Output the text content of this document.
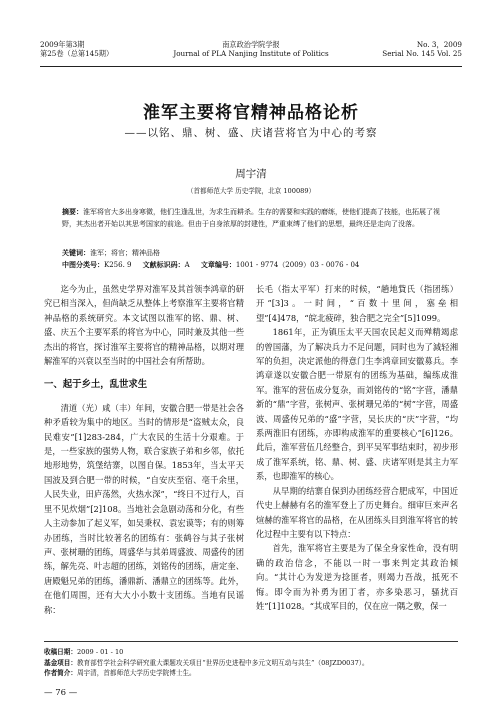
2009年第3期
第25卷（总第145期）
南京政治学院学报
Journal of PLA Nanjing Institute of Politics
No. 3，2009
Serial No. 145 Vol. 25
淮军主要将官精神品格论析
——以铭、鼎、树、盛、庆诸营将官为中心的考察
周宇清
（首都师范大学 历史学院，北京 100089）
摘要：淮军将官大多出身寒微，他们生逢乱世，为求生而耕杀。生存的需要和实践的磨练，使他们提高了技能，也拓展了视野，其杰出者开始以其思考国家的前途。但由于自身浓厚的封建性，严重束缚了他们的思想，最终还是走向了没落。
关键词：淮军；将官；精神品格
中图分类号：K256. 9 文献标识码：A 文章编号：1001 - 9774（2009）03 - 0076 - 04

迄今为止，虽然史学界对淮军及其首领李鸿章的研究已相当深入，但尚缺乏从整体上考察淮军主要将官精神品格的系统研究。本文试图以淮军的铭、鼎、树、盛、庆五个主要军系的将官为中心，同时兼及其他一些杰出的将官，探讨淮军主要将官的精神品格，以期对理解淮军的兴衰以至当时的中国社会有所帮助。

一、起于乡土，乱世求生

清道（光）咸（丰）年间，安徽合肥一带是社会各种矛盾较为集中的地区。当时的情形是“盗贼太众，良民难安”[1]283-284，广大农民的生活十分艰难。于是，一些家族的强势人物，联合家族子弟和乡邻，依托地形地势，筑堡结寨，以图自保。1853年，当太平天国波及到合肥一带的时候，“自安庆至宿、亳千余里，人民失业，田庐荡然，火热水深”，“终日不过行人，百里不见炊烟”[2]108。当地社会急剧动荡和分化，有些人主动参加了起义军，如吴秉权、袁宏谟等；有的则筹办团练，当时比较著名的团练有：张鹤谷与其子张树声、张树珊的团练，周盛华与其弟周盛波、周盛传的团练，解先亮、叶志超的团练，刘铭传的团练，唐定奎、唐殿魁兄弟的团练，潘鼎新、潘鼎立的团练等。此外，在他们周围，还有大大小小数十支团练。当地有民谣称：

长毛（指太平军）打来的时候，“趟地貲氏（指团练）开”[3]3。一时间，“百数十里间，塞垒相望”[4]478，“皖北疲碎，独合肥之完全”[5]1099。

1861年，正为镇压太平天国农民起义而殚精竭虑的曾国藩，为了解决兵力不足问题，同时也为了減轻湘军的负担，决定派他的得意门生李鸿章回安徽募兵。李鸿章遂以安徽合肥一带原有的团练为基础，编练成淮军。淮军的营伍成分复杂，而刘铭传的“铭”字营，潘鼎新的“鼎”字营，张树声、张树珊兄弟的“树”字营，周盛波、周盛传兄弟的“盛”字营，吴长庆的“庆”字营，“均系两淮旧有团练，亦即构成淮军的重要核心”[6]126。此后，淮军营伍几经整合，到平吴军事结束时，初步形成了淮军系统，铭、鼎、树、盛、庆诸军则是其主力军系，也即淮军的核心。

从早期的结寨自保到办团练经营合肥成军，中国近代史上赫赫有名的淮军登上了历史舞台。细审巨来声名煊赫的淮军将官的品格，在从团练头目到淮军将官的转化过程中主要有以下特点：

首先，淮军将官主要是为了保全身家性命，没有明确的政治信念，不能以一时一事来判定其政治倾向。“其计心为发逆为捻匪者，则竭力吾战，抵死不悔。即令而为补勇为团丁者，亦多染恶习，骚扰百姓”[1]1028。“其成军目的，仅在应一隅之敷，保一

收稿日期：2009 - 01 - 10
基金项目：教育部哲学社会科学研究重大课题攻关项目“世界历史进程中多元文明互动与共生”（08JZD0037）。
作者简介：周宇清，首都师范大学历史学院博士生。
— 76 —
